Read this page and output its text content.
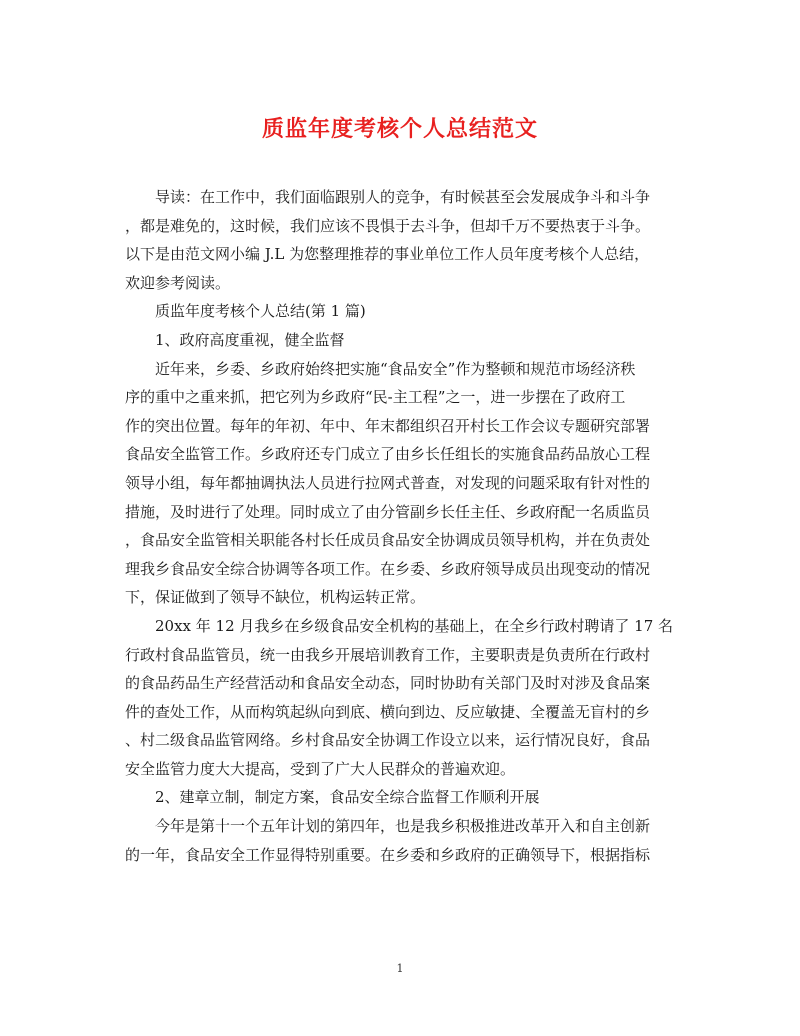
质监年度考核个人总结范文
导读：在工作中，我们面临跟别人的竞争，有时候甚至会发展成争斗和斗争
，都是难免的，这时候，我们应该不畏惧于去斗争，但却千万不要热衷于斗争。
以下是由范文网小编 J.L 为您整理推荐的事业单位工作人员年度考核个人总结，
欢迎参考阅读。
质监年度考核个人总结(第 1 篇)
1、政府高度重视，健全监督
近年来，乡委、乡政府始终把实施“食品安全”作为整顿和规范市场经济秩
序的重中之重来抓，把它列为乡政府“民-主工程”之一，进一步摆在了政府工
作的突出位置。每年的年初、年中、年末都组织召开村长工作会议专题研究部署
食品安全监管工作。乡政府还专门成立了由乡长任组长的实施食品药品放心工程
领导小组，每年都抽调执法人员进行拉网式普查，对发现的问题采取有针对性的
措施，及时进行了处理。同时成立了由分管副乡长任主任、乡政府配一名质监员
，食品安全监管相关职能各村长任成员食品安全协调成员领导机构，并在负责处
理我乡食品安全综合协调等各项工作。在乡委、乡政府领导成员出现变动的情况
下，保证做到了领导不缺位，机构运转正常。
20xx 年 12 月我乡在乡级食品安全机构的基础上，在全乡行政村聘请了 17 名
行政村食品监管员，统一由我乡开展培训教育工作，主要职责是负责所在行政村
的食品药品生产经营活动和食品安全动态，同时协助有关部门及时对涉及食品案
件的查处工作，从而构筑起纵向到底、横向到边、反应敏捷、全覆盖无盲村的乡
、村二级食品监管网络。乡村食品安全协调工作设立以来，运行情况良好，食品
安全监管力度大大提高，受到了广大人民群众的普遍欢迎。
2、建章立制，制定方案，食品安全综合监督工作顺利开展
今年是第十一个五年计划的第四年，也是我乡积极推进改革开入和自主创新
的一年，食品安全工作显得特别重要。在乡委和乡政府的正确领导下，根据指标
1
